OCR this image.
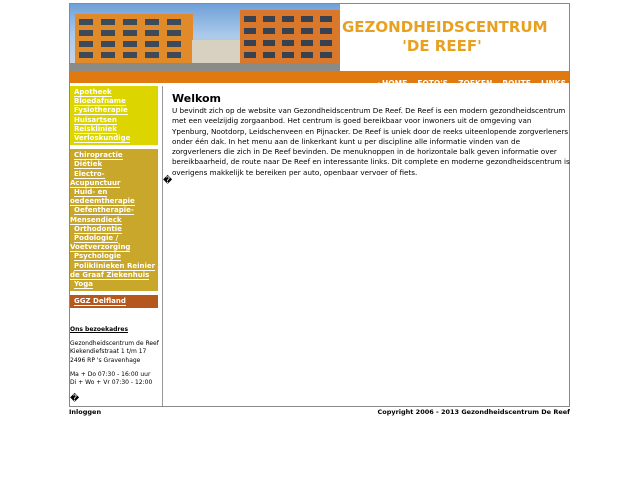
GEZONDHEIDSCENTRUM
'DE REEF'
•HOME FOTO'S ZOEKEN ROUTE LINKS
Apotheek
Bloedafname
Fysiotherapie
Huisartsen
Reiskliniek
Verloskundige
Chiropractie
Diëtiek
Electro-
Acupunctuur
Huid- en
oedeemtherapie
Oefentherapie-
Mensendieck
Orthodontie
Podologie /
Voetverzorging
Psychologie
Poliklinieken Reinier
de Graaf Ziekenhuis
Yoga
GGZ Delfland
Ons bezoekadres
Gezondheidscentrum de Reef
Kiekendiefstraat 1 t/m 17
2496 RP 's Gravenhage
Ma + Do 07:30 - 16:00 uur
Di + Wo + Vr 07:30 - 12:00
�
Welkom

U bevindt zich op de website van Gezondheidscentrum De Reef. De Reef is een modern gezondheidscentrum met een veelzijdig zorgaanbod. Het centrum is goed bereikbaar voor inwoners uit de omgeving van Ypenburg, Nootdorp, Leidschenveen en Pijnacker. De Reef is uniek door de reeks uiteenlopende zorgverleners onder één dak. In het menu aan de linkerkant kunt u per discipline alle informatie vinden van de zorgverleners die zich in De Reef bevinden. De menuknoppen in de horizontale balk geven informatie over bereikbaarheid, de route naar De Reef en interessante links. Dit complete en moderne gezondheidscentrum is overigens makkelijk te bereiken per auto, openbaar vervoer of fiets.

�
Inloggen	Copyright 2006 - 2013 Gezondheidscentrum De Reef
